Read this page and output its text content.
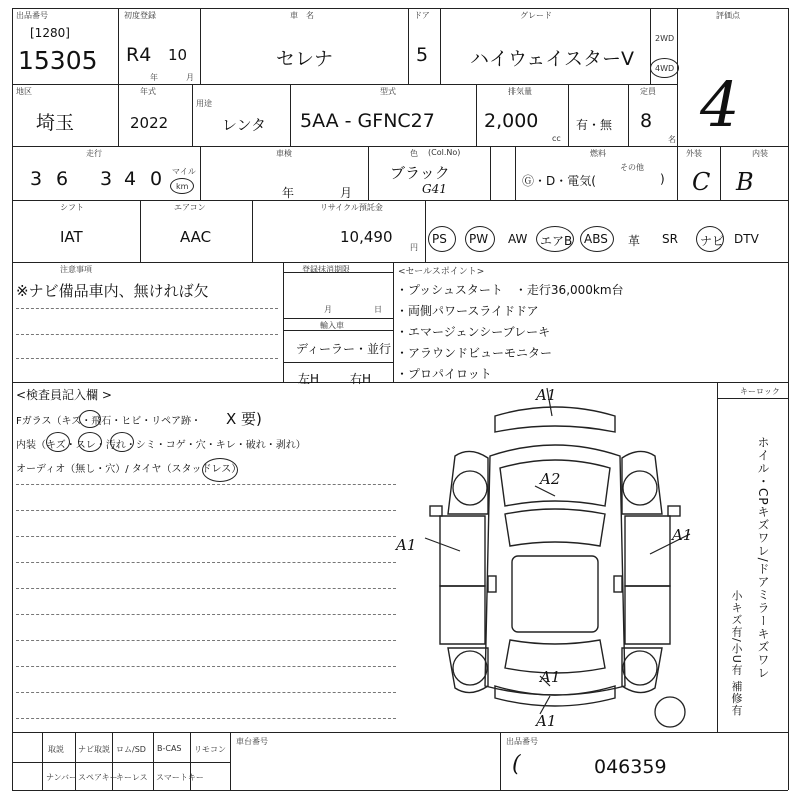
出品番号
[1280]
15305
初度登録
R4 10
年	月
車　名
セレナ
ドア
5
グレード
ハイウェイスターV
2WD
4WD
評価点
4
地区
埼玉
年式
2022
用途
レンタ
型式
5AA - GFNC27
排気量
2,000
cc
有・無
定員
8
名
走行
3 6 3 4 0 マイル
km
車検
年	月
色 (Col.No)
ブラック
G41
燃料
Ⓖ・D・電気(	)
その他
外装
C
内装
B
シフト
IAT
エアコン
AAC
リサイクル預託金
10,490
円
PS PW AW エアB ABS 革 SR ナビ DTV
注意事項
※ナビ備品車内、無ければ欠
登録抹消期限
月	日
輸入車
ディーラー・並行
左H	右H
<セールスポイント>
・プッシュスタート　・走行36,000km台
・両側パワースライドドア
・エマージェンシーブレーキ
・アラウンドビューモニター
・プロパイロット
<検査員記入欄 >
Fガラス（キズ・飛石・ヒビ・リペア跡・ X 要)
内装（キズ・スレ・汚れ・シミ・コゲ・穴・キレ・破れ・剥れ）
オーディオ（無し・穴）/ タイヤ（スタッドレス）
キーロック
ホイル・CPキズワレ/ドアミラーキズワレ
小キズ有/小U有 補修有
A1
A2
A1
A1
A1
A1
取説 ナビ取説 ロム/SD B-CAS リモコン
ナンバー スペアキー
キーレス スマートキー
車台番号	出品番号
(	046359
